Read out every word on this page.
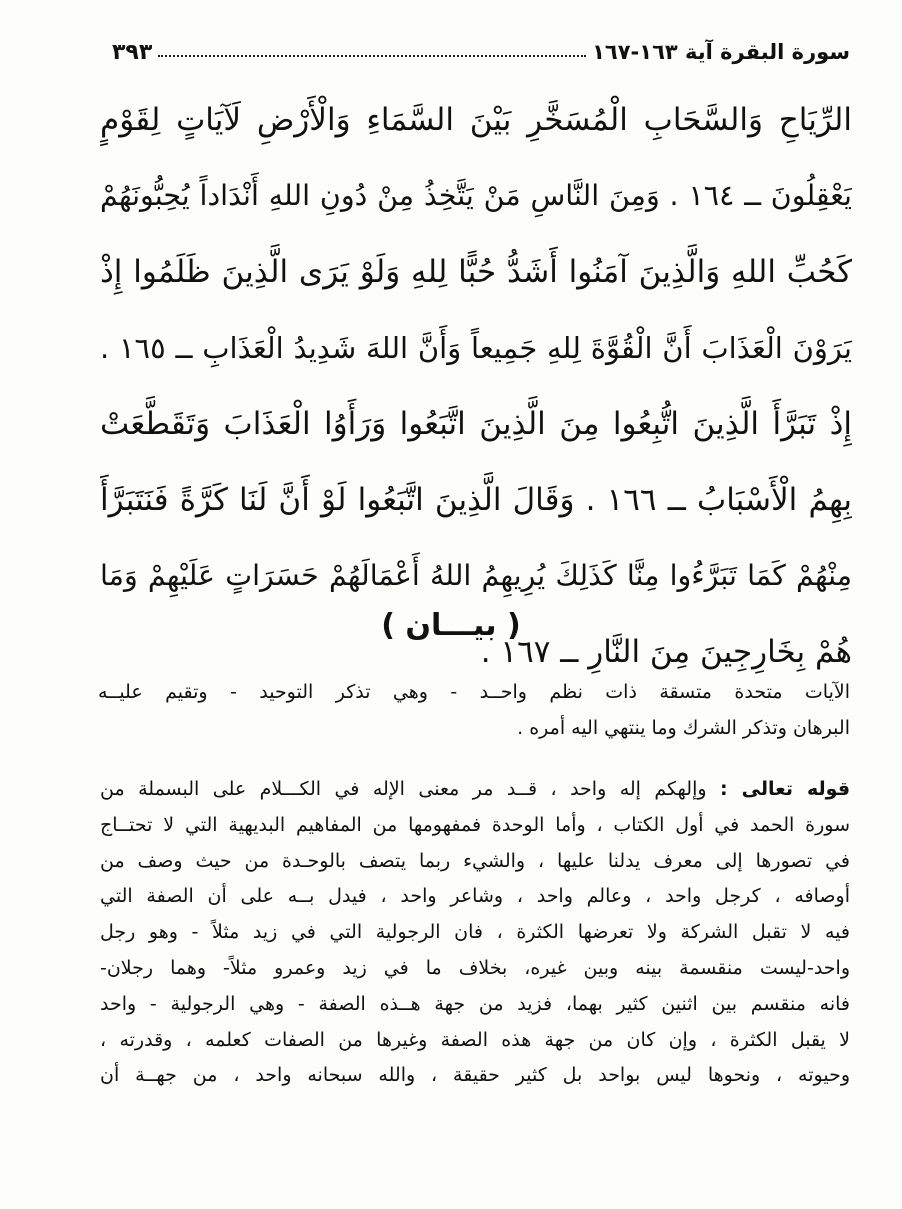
سورة البقرة آية ١٦٣-١٦٧
٣٩٣
الرِّيَاحِ وَالسَّحَابِ الْمُسَخَّرِ بَيْنَ السَّمَاءِ وَالْأَرْضِ لَآيَاتٍ لِقَوْمٍ
يَعْقِلُونَ ــ ١٦٤ . وَمِنَ النَّاسِ مَنْ يَتَّخِذُ مِنْ دُونِ اللهِ أَنْدَاداً يُحِبُّونَهُمْ
كَحُبِّ اللهِ وَالَّذِينَ آمَنُوا أَشَدُّ حُبًّا لِلهِ وَلَوْ يَرَى الَّذِينَ ظَلَمُوا إِذْ
يَرَوْنَ الْعَذَابَ أَنَّ الْقُوَّةَ لِلهِ جَمِيعاً وَأَنَّ اللهَ شَدِيدُ الْعَذَابِ ــ ١٦٥ .
إِذْ تَبَرَّأَ الَّذِينَ اتُّبِعُوا مِنَ الَّذِينَ اتَّبَعُوا وَرَأَوُا الْعَذَابَ وَتَقَطَّعَتْ
بِهِمُ الْأَسْبَابُ ــ ١٦٦ . وَقَالَ الَّذِينَ اتَّبَعُوا لَوْ أَنَّ لَنَا كَرَّةً فَنَتَبَرَّأَ
مِنْهُمْ كَمَا تَبَرَّءُوا مِنَّا كَذَلِكَ يُرِيهِمُ اللهُ أَعْمَالَهُمْ حَسَرَاتٍ عَلَيْهِمْ وَمَا
هُمْ بِخَارِجِينَ مِنَ النَّارِ ــ ١٦٧ .
( بيـــان )
الآيات متحدة متسقة ذات نظم واحــد - وهي تذكر التوحيد - وتقيم عليــه
البرهان وتذكر الشرك وما ينتهي اليه أمره .
قوله تعالى : وإلهكم إله واحد ، قــد مر معنى الإله في الكـــلام على البسملة من
سورة الحمد في أول الكتاب ، وأما الوحدة فمفهومها من المفاهيم البديهية التي لا تحتــاج
في تصورها إلى معرف يدلنا عليها ، والشيء ربما يتصف بالوحـدة من حيث وصف من
أوصافه ، كرجل واحد ، وعالم واحد ، وشاعر واحد ، فيدل بــه على أن الصفة التي
فيه لا تقبل الشركة ولا تعرضها الكثرة ، فان الرجولية التي في زيد مثلاً - وهو رجل
واحد-ليست منقسمة بينه وبين غيره، بخلاف ما في زيد وعمرو مثلاً- وهما رجلان-
فانه منقسم بين اثنين كثير بهما، فزيد من جهة هــذه الصفة - وهي الرجولية - واحد
لا يقبل الكثرة ، وإن كان من جهة هذه الصفة وغيرها من الصفات كعلمه ، وقدرته ،
وحيوته ، ونحوها ليس بواحد بل كثير حقيقة ، والله سبحانه واحد ، من جهــة أن
